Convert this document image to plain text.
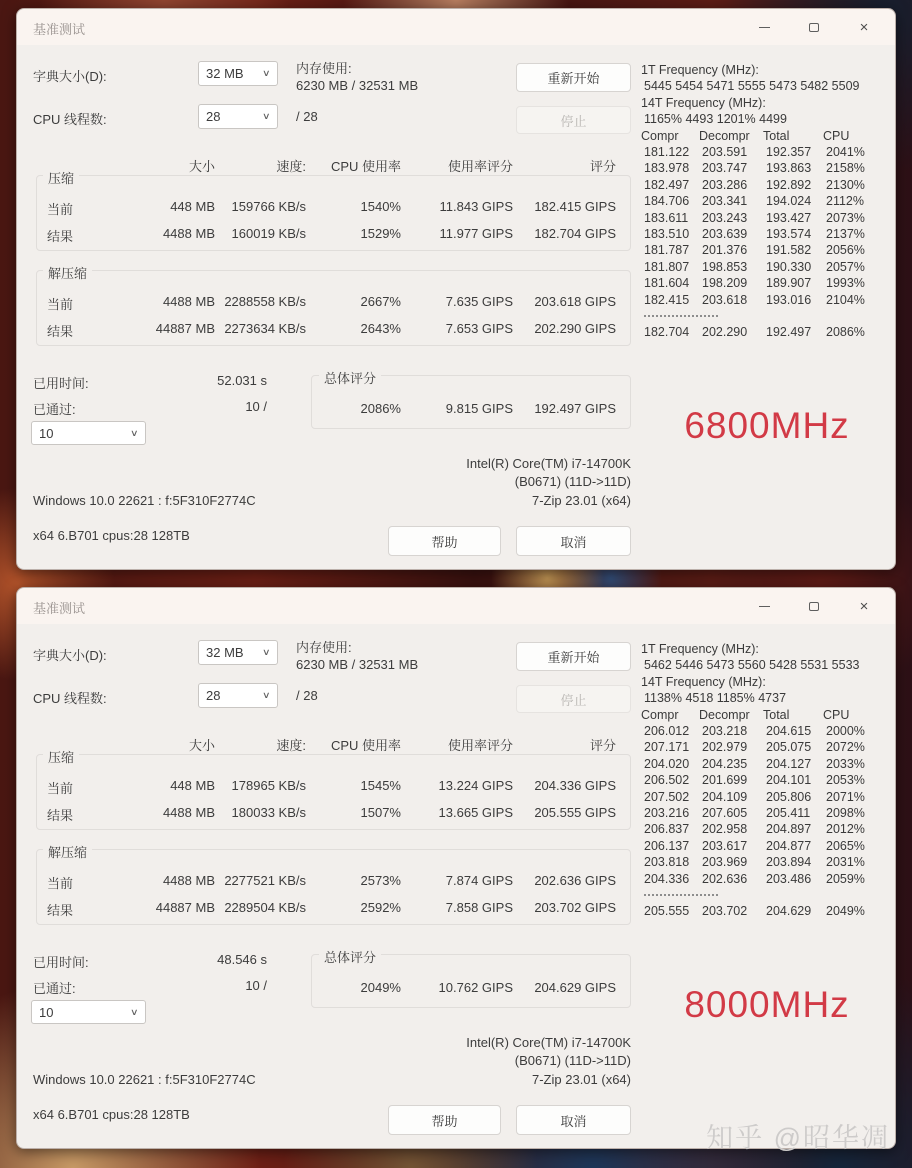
基准测试	×
字典大小(D):	32 MB ∨ 内存使用:
6230 MB / 32531 MB	重新开始
CPU 线程数:	28	∨ / 28	停止
1T Frequency (MHz):
5445 5454 5471 5555 5473 5482 5509
14T Frequency (MHz):
1165% 4493 1201% 4499
Compr	Decompr	Total	CPU
181.122	203.591	192.357	2041%
183.978	203.747	193.863	2158%
182.497	203.286	192.892	2130%
184.706	203.341	194.024	2112%
183.611	203.243	193.427	2073%
183.510	203.639	193.574	2137%
181.787	201.376	191.582	2056%
181.807	198.853	190.330	2057%
181.604	198.209	189.907	1993%
182.415	203.618	193.016	2104%
182.704	202.290	192.497	2086%
大小	速度:	CPU 使用率	使用率评分	评分
压缩
当前	448 MB	159766 KB/s	1540%	11.843 GIPS	182.415 GIPS
结果	4488 MB	160019 KB/s	1529%	11.977 GIPS	182.704 GIPS
解压缩
当前	4488 MB 2288558 KB/s	2667%	7.635 GIPS	203.618 GIPS
结果	44887 MB 2273634 KB/s	2643%	7.653 GIPS	202.290 GIPS
已用时间:	52.031 s
已通过:	10 /
10	∨
总体评分
2086%	9.815 GIPS	192.497 GIPS	6800MHz
Intel(R) Core(TM) i7-14700K
(B0671) (11D->11D)
Windows 10.0 22621 : f:5F310F2774C	7-Zip 23.01 (x64)
x64 6.B701 cpus:28 128TB	帮助	取消
基准测试	×
字典大小(D):	32 MB ∨ 内存使用:
6230 MB / 32531 MB	重新开始
CPU 线程数:	28	∨ / 28	停止
1T Frequency (MHz):
5462 5446 5473 5560 5428 5531 5533
14T Frequency (MHz):
1138% 4518 1185% 4737
Compr	Decompr	Total	CPU
206.012	203.218	204.615	2000%
207.171	202.979	205.075	2072%
204.020	204.235	204.127	2033%
206.502	201.699	204.101	2053%
207.502	204.109	205.806	2071%
203.216	207.605	205.411	2098%
206.837	202.958	204.897	2012%
206.137	203.617	204.877	2065%
203.818	203.969	203.894	2031%
204.336	202.636	203.486	2059%
205.555	203.702	204.629	2049%
大小	速度:	CPU 使用率	使用率评分	评分
压缩
当前	448 MB	178965 KB/s	1545%	13.224 GIPS	204.336 GIPS
结果	4488 MB	180033 KB/s	1507%	13.665 GIPS	205.555 GIPS
解压缩
当前	4488 MB 2277521 KB/s	2573%	7.874 GIPS	202.636 GIPS
结果	44887 MB 2289504 KB/s	2592%	7.858 GIPS	203.702 GIPS
已用时间:	48.546 s
已通过:	10 /
10	∨
总体评分
2049%	10.762 GIPS	204.629 GIPS	8000MHz
Intel(R) Core(TM) i7-14700K
(B0671) (11D->11D)
Windows 10.0 22621 : f:5F310F2774C	7-Zip 23.01 (x64)
x64 6.B701 cpus:28 128TB	帮助	取消
知乎 @昭华凋
